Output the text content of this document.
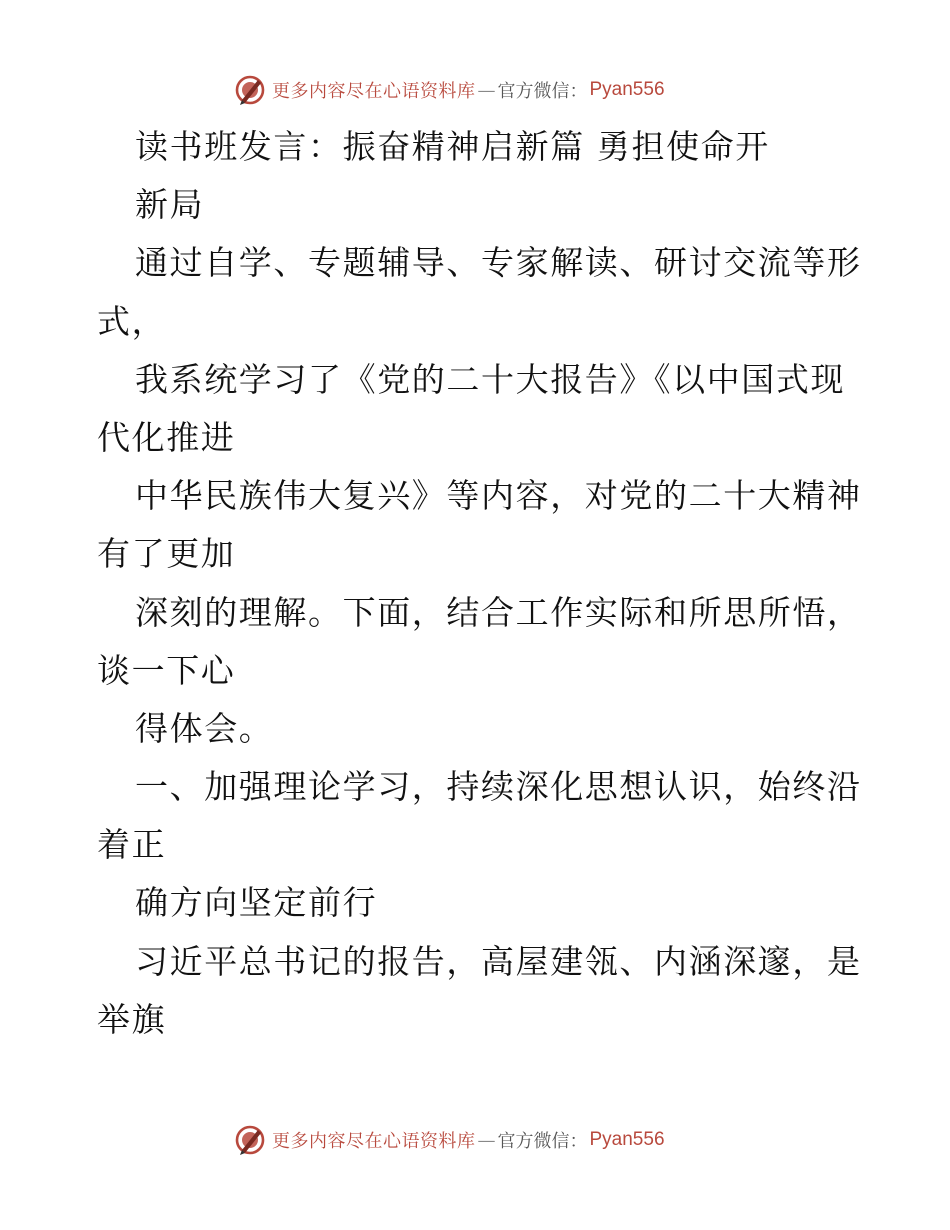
更多内容尽在心语资料库 — 官方微信： Pyan556
读书班发言：振奋精神启新篇 勇担使命开
新局
通过自学、专题辅导、专家解读、研讨交流等形
式，
我系统学习了《党的二十大报告》《以中国式现
代化推进
中华民族伟大复兴》等内容，对党的二十大精神
有了更加
深刻的理解。下面，结合工作实际和所思所悟，
谈一下心
得体会。
一、加强理论学习，持续深化思想认识，始终沿
着正
确方向坚定前行
习近平总书记的报告，高屋建瓴、内涵深邃，是
举旗
更多内容尽在心语资料库 — 官方微信： Pyan556
